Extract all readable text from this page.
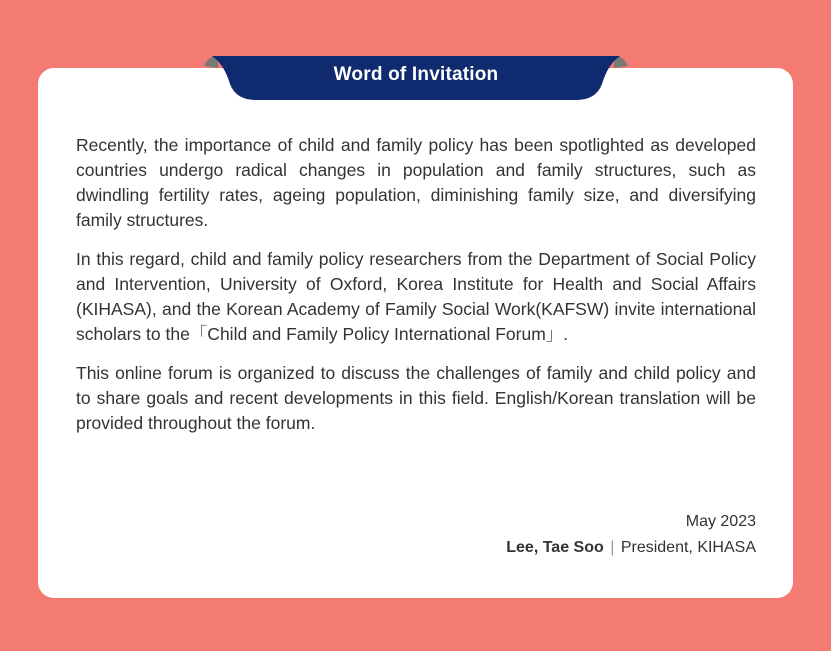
Word of Invitation

Recently, the importance of child and family policy has been spotlighted as developed countries undergo radical changes in population and family structures, such as dwindling fertility rates, ageing population, diminishing family size, and diversifying family structures.

In this regard, child and family policy researchers from the Department of Social Policy and Intervention, University of Oxford, Korea Institute for Health and Social Affairs (KIHASA), and the Korean Academy of Family Social Work(KAFSW) invite international scholars to the「Child and Family Policy International Forum」.

This online forum is organized to discuss the challenges of family and child policy and to share goals and recent developments in this field. English/Korean translation will be provided throughout the forum.

May 2023
Lee, Tae Soo | President, KIHASA
